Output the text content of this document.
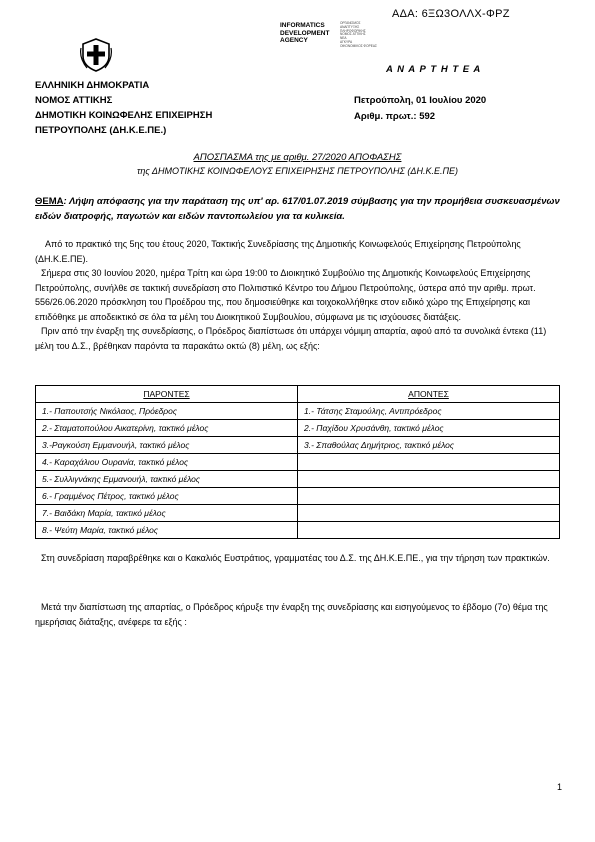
ΑΔΑ: 6ΞΩ3ΟΛΛΧ-ΦΡΖ
INFORMATICS
DEVELOPMENT
AGENCY
ΟΡΓΑΝΙΣΜΟΣ
ΑΝΑΠΤΥΞΗΣ
ΠΛΗΡΟΦΟΡΙΚΗΣ
ΝΟΜΟΣ ΑΤΤΙΚΗΣ
ΝΕΑ
ΑΓΚΥΡΑ
ΟΙΚΟΝΟΜΙΚΟΣ ΦΟΡΕΑΣ
Α Ν Α Ρ Τ Η Τ Ε Α
ΕΛΛΗΝΙΚΗ ΔΗΜΟΚΡΑΤΙΑ
ΝΟΜΟΣ ΑΤΤΙΚΗΣ
ΔΗΜΟΤΙΚΗ ΚΟΙΝΩΦΕΛΗΣ ΕΠΙΧΕΙΡΗΣΗ
ΠΕΤΡΟΥΠΟΛΗΣ (ΔΗ.Κ.Ε.ΠΕ.)
Πετρούπολη, 01 Ιουλίου 2020
Αριθμ. πρωτ.: 592
ΑΠΟΣΠΑΣΜΑ της με αριθμ. 27/2020 ΑΠΟΦΑΣΗΣ
της ΔΗΜΟΤΙΚΗΣ ΚΟΙΝΩΦΕΛΟΥΣ ΕΠΙΧΕΙΡΗΣΗΣ ΠΕΤΡΟΥΠΟΛΗΣ (ΔΗ.Κ.Ε.ΠΕ)
ΘΕΜΑ: Λήψη απόφασης για την παράταση της υπ' αρ. 617/01.07.2019 σύμβασης για την προμήθεια συσκευασμένων ειδών διατροφής, παγωτών και ειδών παντοπωλείου για τα κυλικεία.
Από το πρακτικό της 5ης του έτους 2020, Τακτικής Συνεδρίασης της Δημοτικής Κοινωφελούς Επιχείρησης Πετρούπολης (ΔΗ.Κ.Ε.ΠΕ).
Σήμερα στις 30 Ιουνίου 2020, ημέρα Τρίτη και ώρα 19:00 το Διοικητικό Συμβούλιο της Δημοτικής Κοινωφελούς Επιχείρησης Πετρούπολης, συνήλθε σε τακτική συνεδρίαση στο Πολιτιστικό Κέντρο του Δήμου Πετρούπολης, ύστερα από την αριθμ. πρωτ. 556/26.06.2020 πρόσκληση του Προέδρου της, που δημοσιεύθηκε και τοιχοκολλήθηκε στον ειδικό χώρο της Επιχείρησης και επιδόθηκε με αποδεικτικό σε όλα τα μέλη του Διοικητικού Συμβουλίου, σύμφωνα με τις ισχύουσες διατάξεις.
Πριν από την έναρξη της συνεδρίασης, ο Πρόεδρος διαπίστωσε ότι υπάρχει νόμιμη απαρτία, αφού από τα συνολικά έντεκα (11) μέλη του Δ.Σ., βρέθηκαν παρόντα τα παρακάτω οκτώ (8) μέλη, ως εξής:
ΠΑΡΟΝΤΕΣ	ΑΠΟΝΤΕΣ
1.- Παπουτσής Νικόλαος, Πρόεδρος	1.- Τάτσης Σταμούλης, Αντιπρόεδρος
2.- Σταματοπούλου Αικατερίνη, τακτικό μέλος	2.- Παχίδου Χρυσάνθη, τακτικό μέλος
3.-Ραγκούση Εμμανουήλ, τακτικό μέλος	3.- Σπαθούλας Δημήτριος, τακτικό μέλος
4.- Καραχάλιου Ουρανία, τακτικό μέλος	
5.- Συλλιγνάκης Εμμανουήλ, τακτικό μέλος	
6.- Γραμμένος Πέτρος, τακτικό μέλος	
7.- Βαιδάκη Μαρία, τακτικό μέλος	
8.- Ψεύτη Μαρία, τακτικό μέλος	
Στη συνεδρίαση παραβρέθηκε και ο Κακαλιός Ευστράτιος, γραμματέας του Δ.Σ. της ΔΗ.Κ.Ε.ΠΕ., για την τήρηση των πρακτικών.
Μετά την διαπίστωση της απαρτίας, ο Πρόεδρος κήρυξε την έναρξη της συνεδρίασης και εισηγούμενος το έβδομο (7ο) θέμα της ημερήσιας διάταξης, ανέφερε τα εξής :
1
